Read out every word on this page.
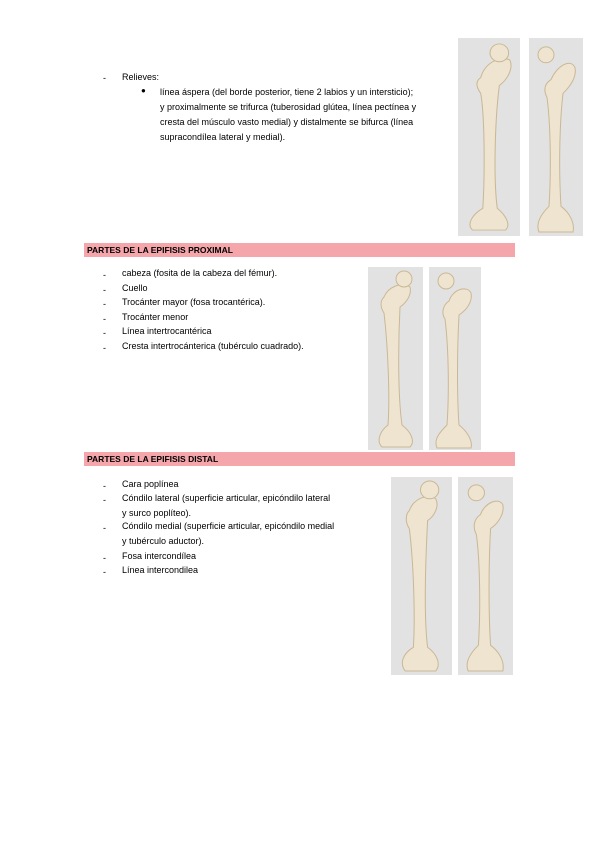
- Relieves:
● línea áspera (del borde posterior, tiene 2 labios y un intersticio);
y proximalmente se trifurca (tuberosidad glútea, línea pectínea y
cresta del músculo vasto medial) y distalmente se bifurca (línea
supracondílea lateral y medial).
PARTES DE LA EPIFISIS PROXIMAL
- cabeza (fosita de la cabeza del fémur).
- Cuello
- Trocánter mayor (fosa trocantérica).
- Trocánter menor
- Línea intertrocantérica
- Cresta intertrocánterica (tubérculo cuadrado).
PARTES DE LA EPIFISIS DISTAL
- Cara poplínea
- Cóndilo lateral (superficie articular, epicóndilo lateral
y surco poplíteo).
- Cóndilo medial (superficie articular, epicóndilo medial
y tubérculo aductor).
- Fosa intercondílea
- Línea intercondilea
